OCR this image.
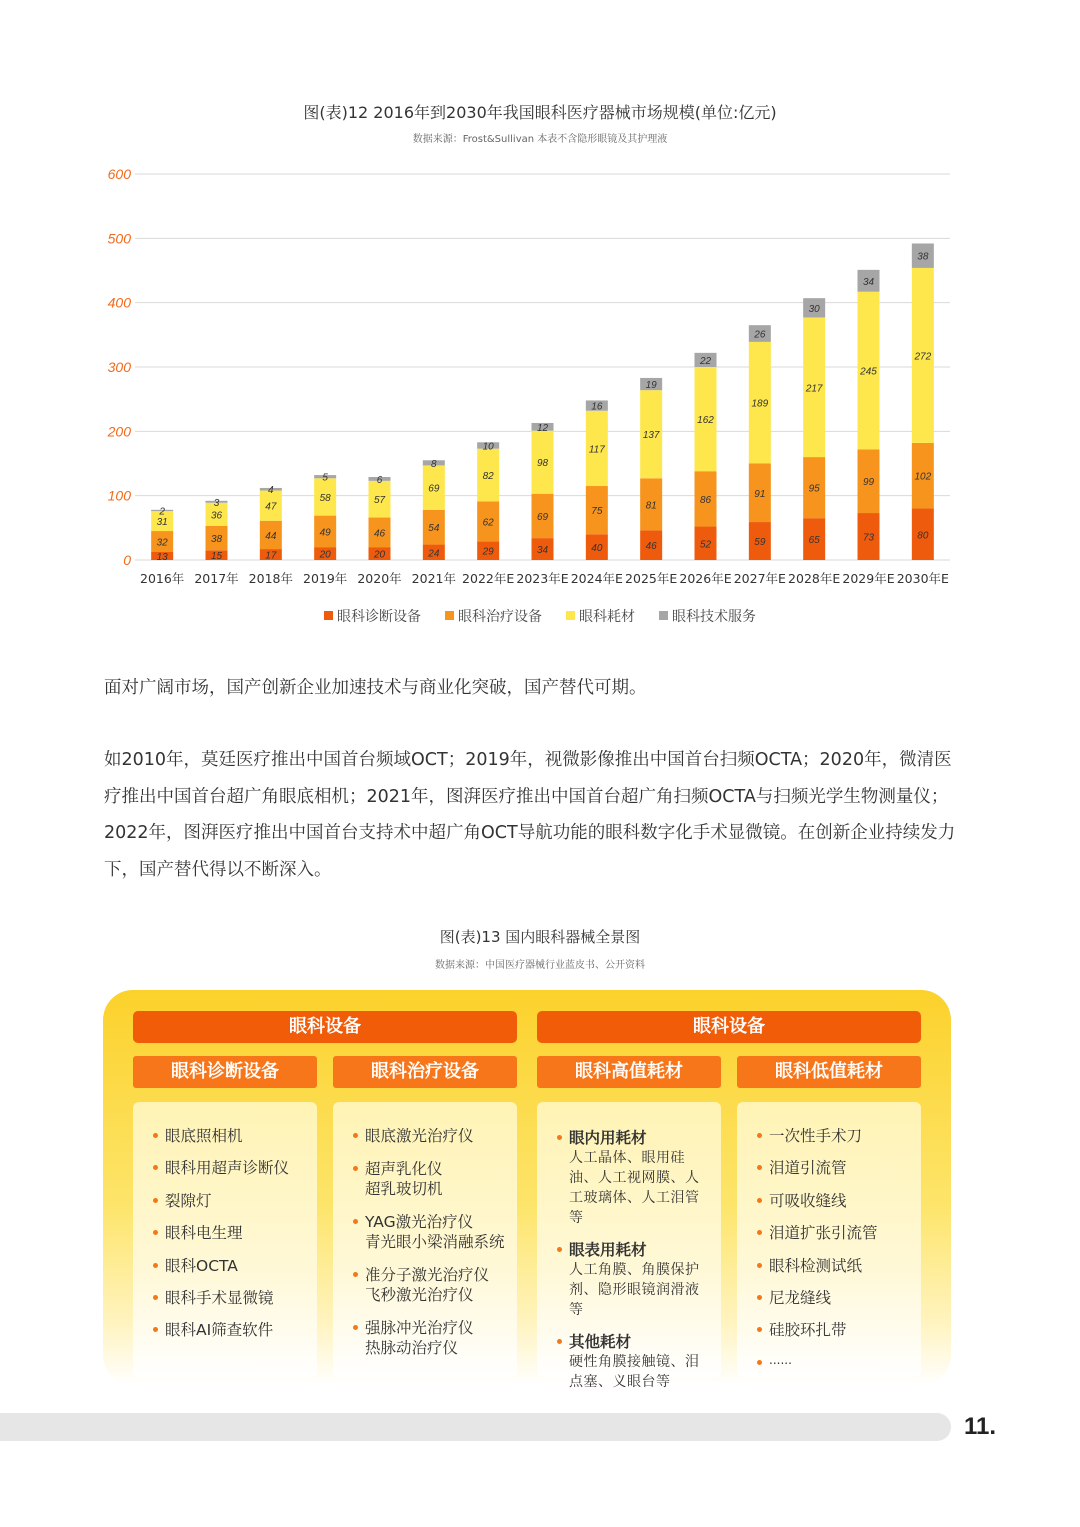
图(表)12 2016年到2030年我国眼科医疗器械市场规模(单位:亿元)
数据来源：Frost&Sullivan 本表不含隐形眼镜及其护理液
0
100
200
300
400
500
600
13
32
31
2
2016年
15
38
36
3
2017年
17
44
47
4
2018年
20
49
58
5
2019年
20
46
57
6
2020年
24
54
69
8
2021年
29
62
82
10
2022年E
34
69
98
12
2023年E
40
75
117
16
2024年E
46
81
137
19
2025年E
52
86
162
22
2026年E
59
91
189
26
2027年E
65
95
217
30
2028年E
73
99
245
34
2029年E
80
102
272
38
2030年E
眼科诊断设备	眼科治疗设备	眼科耗材	眼科技术服务

面对广阔市场，国产创新企业加速技术与商业化突破，国产替代可期。

如2010年，莫廷医疗推出中国首台频域OCT；2019年，视微影像推出中国首台扫频OCTA；2020年，微清医疗推出中国首台超广角眼底相机；2021年，图湃医疗推出中国首台超广角扫频OCTA与扫频光学生物测量仪；2022年，图湃医疗推出中国首台支持术中超广角OCT导航功能的眼科数字化手术显微镜。在创新企业持续发力下，国产替代得以不断深入。

图(表)13 国内眼科器械全景图
数据来源：中国医疗器械行业蓝皮书、公开资料
眼科设备	眼科设备
眼科诊断设备	眼科治疗设备	眼科高值耗材	眼科低值耗材
眼底照相机
眼科用超声诊断仪
裂隙灯
眼科电生理
眼科OCTA
眼科手术显微镜
眼科AI筛查软件
眼底激光治疗仪
超声乳化仪
超乳玻切机
YAG激光治疗仪
青光眼小梁消融系统
准分子激光治疗仪
飞秒激光治疗仪
强脉冲光治疗仪
热脉动治疗仪
眼内用耗材
人工晶体、眼用硅油、人工视网膜、人工玻璃体、人工泪管等
眼表用耗材
人工角膜、角膜保护剂、隐形眼镜润滑液等
其他耗材
硬性角膜接触镜、泪点塞、义眼台等
一次性手术刀
泪道引流管
可吸收缝线
泪道扩张引流管
眼科检测试纸
尼龙缝线
硅胶环扎带
......
11.
